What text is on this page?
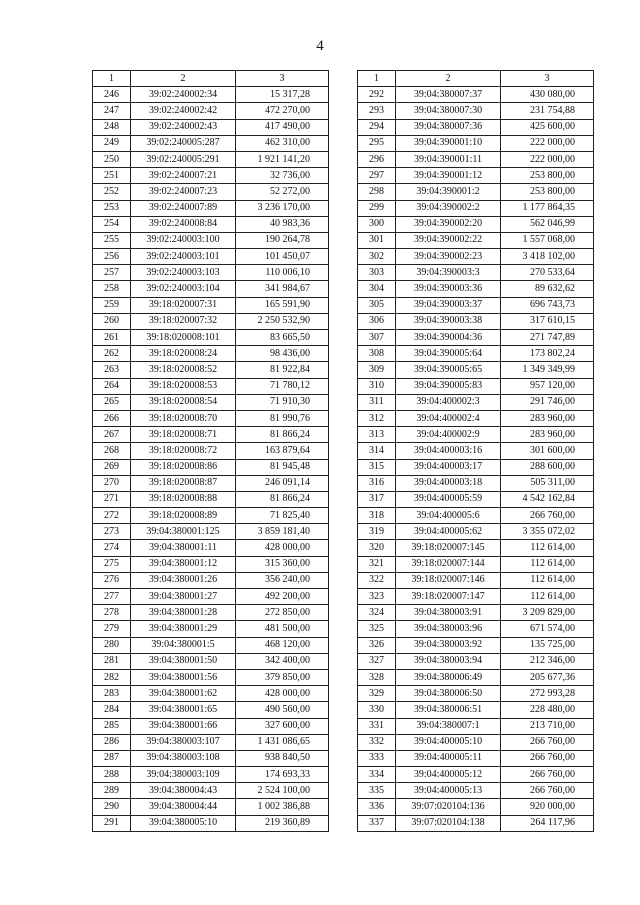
4
1	2	3
246	39:02:240002:34	15 317,28
247	39:02:240002:42	472 270,00
248	39:02:240002:43	417 490,00
249	39:02:240005:287	462 310,00
250	39:02:240005:291	1 921 141,20
251	39:02:240007:21	32 736,00
252	39:02:240007:23	52 272,00
253	39:02:240007:89	3 236 170,00
254	39:02:240008:84	40 983,36
255	39:02:240003:100	190 264,78
256	39:02:240003:101	101 450,07
257	39:02:240003:103	110 006,10
258	39:02:240003:104	341 984,67
259	39:18:020007:31	165 591,90
260	39:18:020007:32	2 250 532,90
261	39:18:020008:101	83 665,50
262	39:18:020008:24	98 436,00
263	39:18:020008:52	81 922,84
264	39:18:020008:53	71 780,12
265	39:18:020008:54	71 910,30
266	39:18:020008:70	81 990,76
267	39:18:020008:71	81 866,24
268	39:18:020008:72	163 879,64
269	39:18:020008:86	81 945,48
270	39:18:020008:87	246 091,14
271	39:18:020008:88	81 866,24
272	39:18:020008:89	71 825,40
273	39:04:380001:125	3 859 181,40
274	39:04:380001:11	428 000,00
275	39:04:380001:12	315 360,00
276	39:04:380001:26	356 240,00
277	39:04:380001:27	492 200,00
278	39:04:380001:28	272 850,00
279	39:04:380001:29	481 500,00
280	39:04:380001:5	468 120,00
281	39:04:380001:50	342 400,00
282	39:04:380001:56	379 850,00
283	39:04:380001:62	428 000,00
284	39:04:380001:65	490 560,00
285	39:04:380001:66	327 600,00
286	39:04:380003:107	1 431 086,65
287	39:04:380003:108	938 840,50
288	39:04:380003:109	174 693,33
289	39:04:380004:43	2 524 100,00
290	39:04:380004:44	1 002 386,88
291	39:04:380005:10	219 360,89
1	2	3
292	39:04:380007:37	430 080,00
293	39:04:380007:30	231 754,88
294	39:04:380007:36	425 600,00
295	39:04:390001:10	222 000,00
296	39:04:390001:11	222 000,00
297	39:04:390001:12	253 800,00
298	39:04:390001:2	253 800,00
299	39:04:390002:2	1 177 864,35
300	39:04:390002:20	562 046,99
301	39:04:390002:22	1 557 068,00
302	39:04:390002:23	3 418 102,00
303	39:04:390003:3	270 533,64
304	39:04:390003:36	89 632,62
305	39:04:390003:37	696 743,73
306	39:04:390003:38	317 610,15
307	39:04:390004:36	271 747,89
308	39:04:390005:64	173 802,24
309	39:04:390005:65	1 349 349,99
310	39:04:390005:83	957 120,00
311	39:04:400002:3	291 746,00
312	39:04:400002:4	283 960,00
313	39:04:400002:9	283 960,00
314	39:04:400003:16	301 600,00
315	39:04:400003:17	288 600,00
316	39:04:400003:18	505 311,00
317	39:04:400005:59	4 542 162,84
318	39:04:400005:6	266 760,00
319	39:04:400005:62	3 355 072,02
320	39:18:020007:145	112 614,00
321	39:18:020007:144	112 614,00
322	39:18:020007:146	112 614,00
323	39:18:020007:147	112 614,00
324	39:04:380003:91	3 209 829,00
325	39:04:380003:96	671 574,00
326	39:04:380003:92	135 725,00
327	39:04:380003:94	212 346,00
328	39:04:380006:49	205 677,36
329	39:04:380006:50	272 993,28
330	39:04:380006:51	228 480,00
331	39:04:380007:1	213 710,00
332	39:04:400005:10	266 760,00
333	39:04:400005:11	266 760,00
334	39:04:400005:12	266 760,00
335	39:04:400005:13	266 760,00
336	39:07:020104:136	920 000,00
337	39:07:020104:138	264 117,96
